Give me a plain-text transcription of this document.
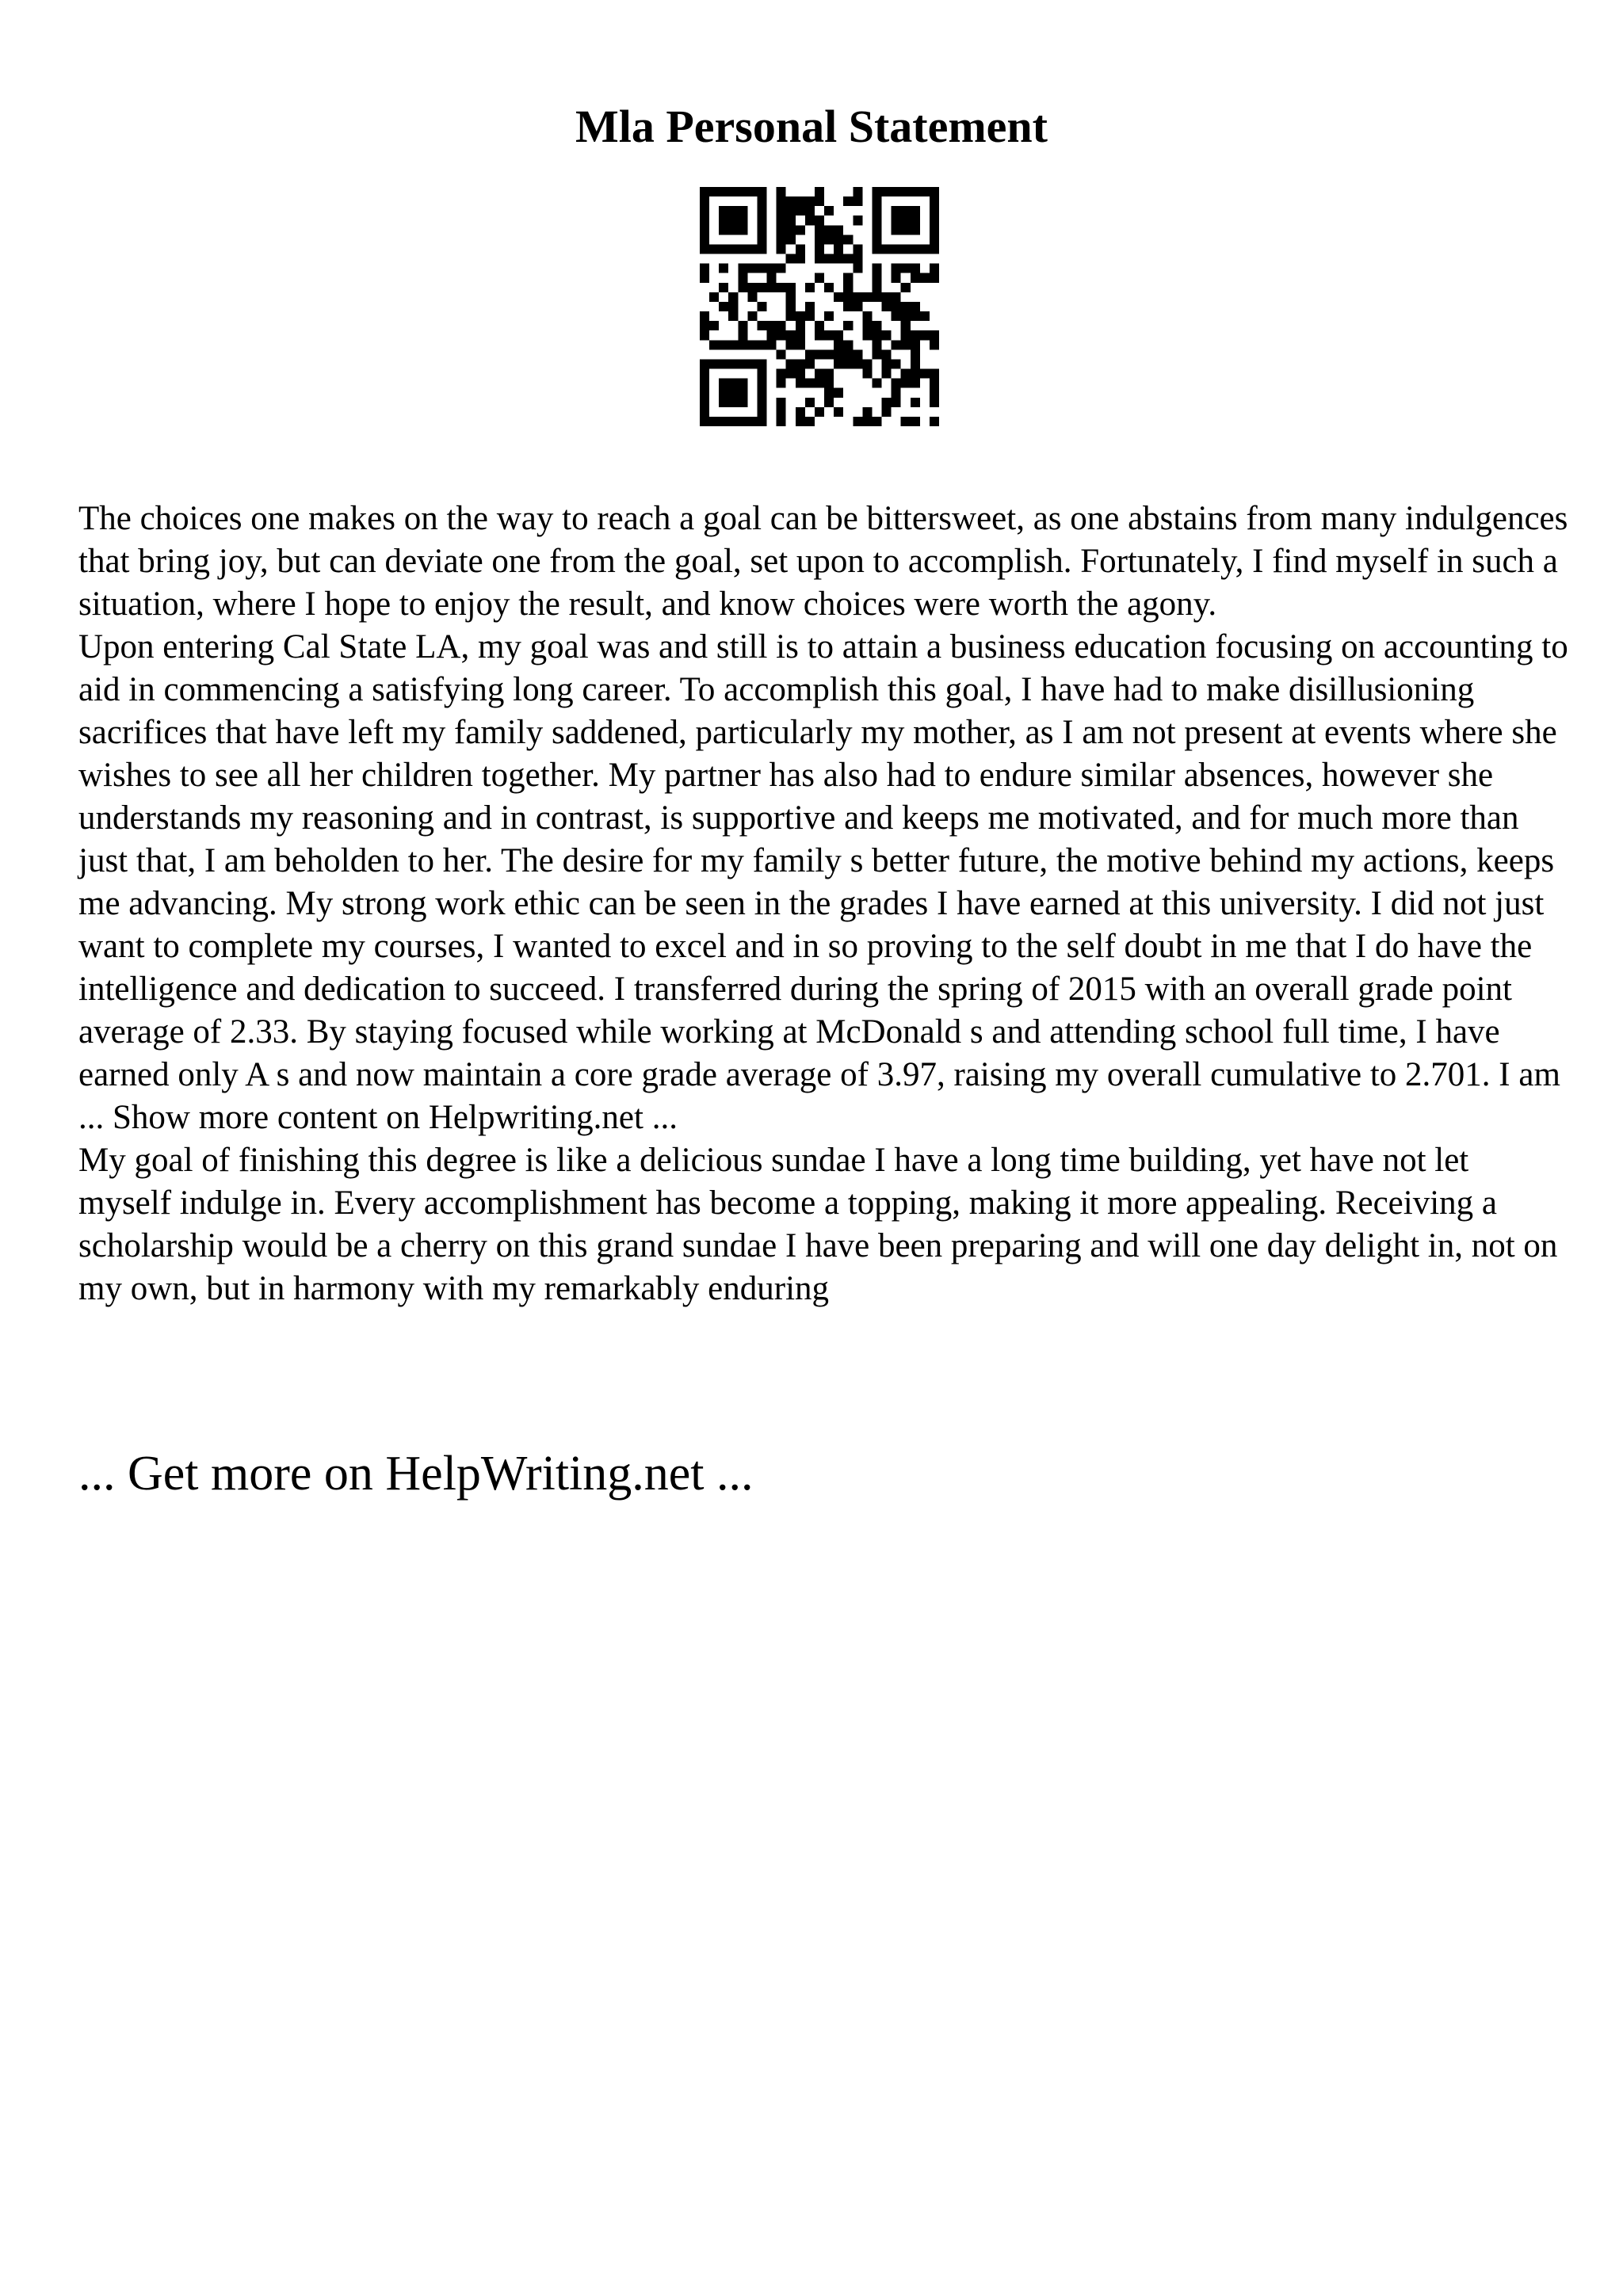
Mla Personal Statement

The choices one makes on the way to reach a goal can be bittersweet, as one abstains from many indulgences that bring joy, but can deviate one from the goal, set upon to accomplish. Fortunately, I find myself in such a situation, where I hope to enjoy the result, and know choices were worth the agony.

Upon entering Cal State LA, my goal was and still is to attain a business education focusing on accounting to aid in commencing a satisfying long career. To accomplish this goal, I have had to make disillusioning sacrifices that have left my family saddened, particularly my mother, as I am not present at events where she wishes to see all her children together. My partner has also had to endure similar absences, however she understands my reasoning and in contrast, is supportive and keeps me motivated, and for much more than just that, I am beholden to her. The desire for my family s better future, the motive behind my actions, keeps me advancing. My strong work ethic can be seen in the grades I have earned at this university. I did not just want to complete my courses, I wanted to excel and in so proving to the self doubt in me that I do have the intelligence and dedication to succeed. I transferred during the spring of 2015 with an overall grade point average of 2.33. By staying focused while working at McDonald s and attending school full time, I have earned only A s and now maintain a core grade average of 3.97, raising my overall cumulative to 2.701. I am ... Show more content on Helpwriting.net ...

My goal of finishing this degree is like a delicious sundae I have a long time building, yet have not let myself indulge in. Every accomplishment has become a topping, making it more appealing. Receiving a scholarship would be a cherry on this grand sundae I have been preparing and will one day delight in, not on my own, but in harmony with my remarkably enduring

... Get more on HelpWriting.net ...
